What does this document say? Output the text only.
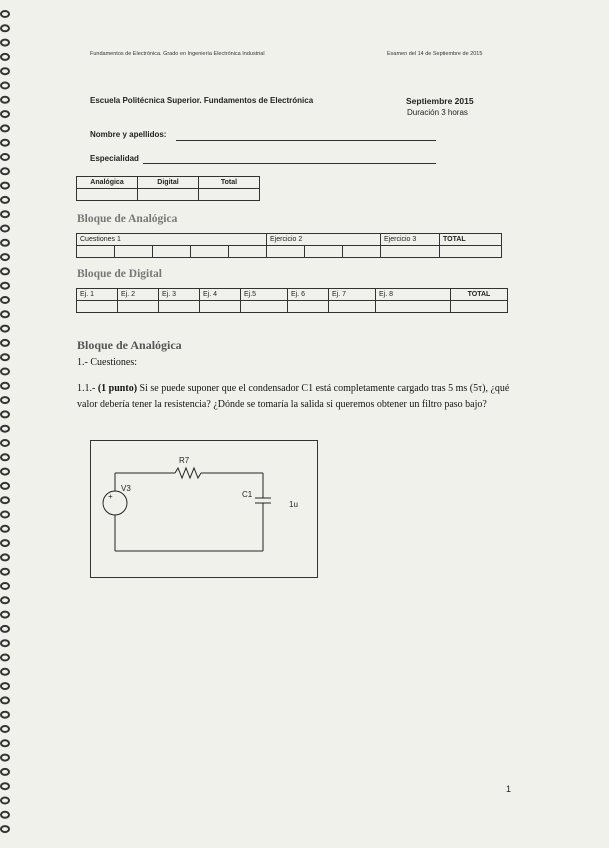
Fundamentos de Electrónica. Grado en Ingeniería Electrónica Industrial	Examen del 14 de Septiembre de 2015
Escuela Politécnica Superior. Fundamentos de Electrónica	Septiembre 2015
Duración 3 horas
Nombre y apellidos:
Especialidad
Analógica	Digital	Total

Bloque de Analógica
Cuestiones 1					Ejercicio 2			Ejercicio 3	TOTAL

Bloque de Digital
Ej. 1	Ej. 2	Ej. 3	Ej. 4	Ej.5	Ej. 6	Ej. 7	Ej. 8	TOTAL

Bloque de Analógica
1.- Cuestiones:
1.1.- (1 punto) Si se puede suponer que el condensador C1 está completamente cargado tras 5 ms (5τ), ¿qué valor debería tener la resistencia? ¿Dónde se tomaría la salida si queremos obtener un filtro paso bajo?
+
R7
V3
C1
1u
1
